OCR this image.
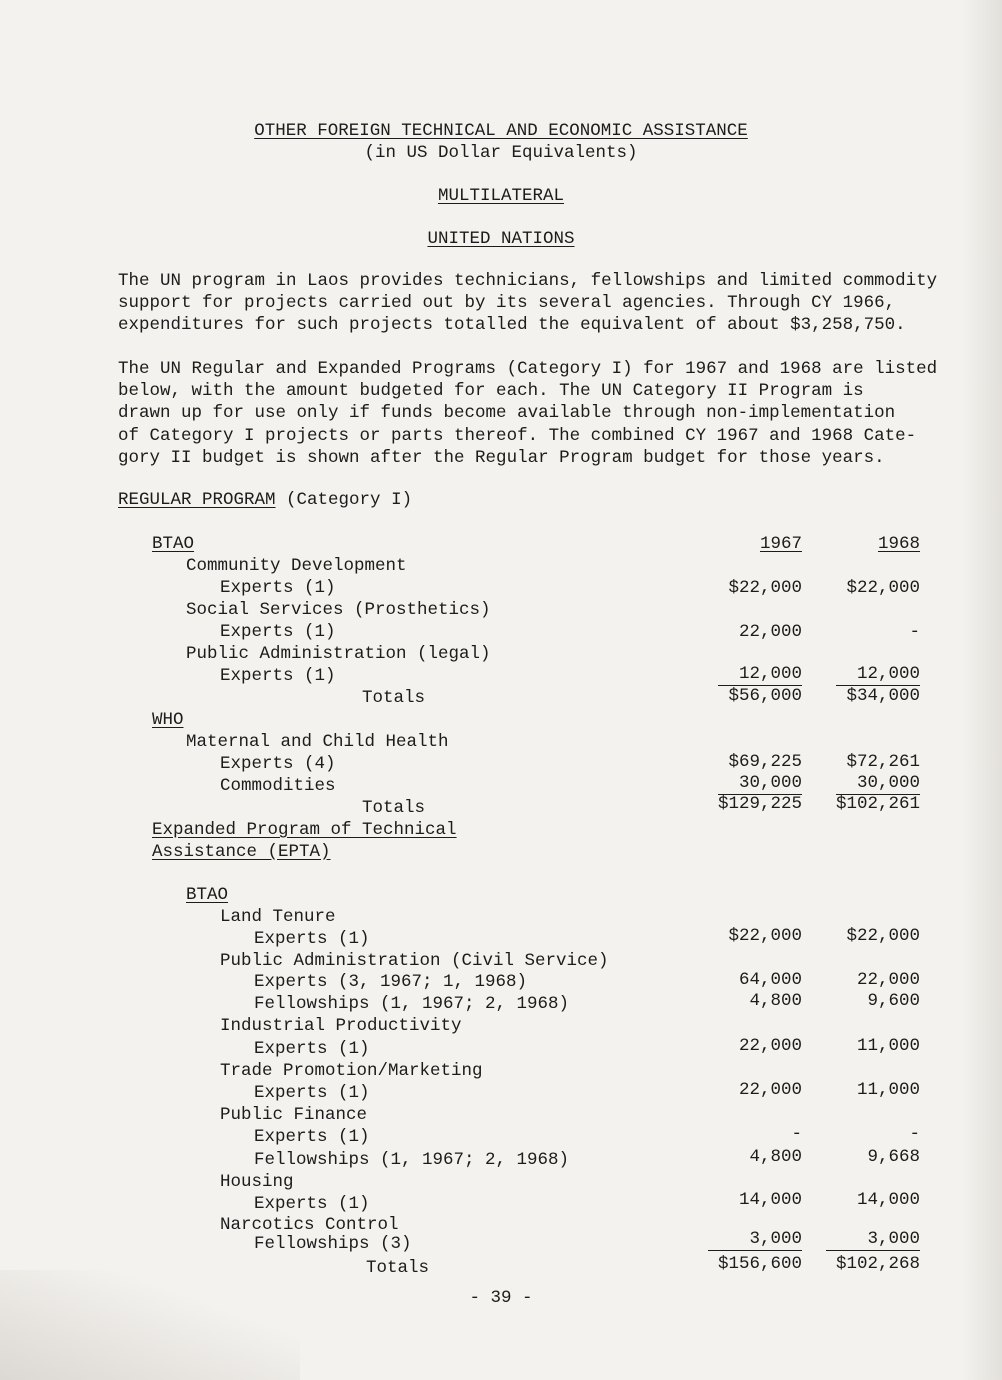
OTHER FOREIGN TECHNICAL AND ECONOMIC ASSISTANCE
(in US Dollar Equivalents)
MULTILATERAL
UNITED NATIONS

The UN program in Laos provides technicians, fellowships and limited commodity
support for projects carried out by its several agencies. Through CY 1966,
expenditures for such projects totalled the equivalent of about $3,258,750.

The UN Regular and Expanded Programs (Category I) for 1967 and 1968 are listed
below, with the amount budgeted for each. The UN Category II Program is
drawn up for use only if funds become available through non-implementation
of Category I projects or parts thereof. The combined CY 1967 and 1968 Cate-
gory II budget is shown after the Regular Program budget for those years.

REGULAR PROGRAM (Category I)
BTAO	1967	1968
Community Development
Experts (1)	$22,000	$22,000
Social Services (Prosthetics)
Experts (1)	22,000	-
Public Administration (legal)
Experts (1)	12,000	12,000
Totals	$56,000	$34,000
WHO
Maternal and Child Health
Experts (4)	$69,225	$72,261
Commodities	30,000	30,000
Totals	$129,225 $102,261
Expanded Program of Technical
Assistance (EPTA)
BTAO
Land Tenure
Experts (1)	$22,000	$22,000
Public Administration (Civil Service)
Experts (3, 1967; 1, 1968)	64,000	22,000
Fellowships (1, 1967; 2, 1968)	4,800	9,600
Industrial Productivity
Experts (1)	22,000	11,000
Trade Promotion/Marketing
Experts (1)	22,000	11,000
Public Finance
Experts (1)	-	-
Fellowships (1, 1967; 2, 1968)	4,800	9,668
Housing
Experts (1)	14,000	14,000
Narcotics Control
Fellowships (3)	3,000	3,000
Totals	$156,600 $102,268
- 39 -
